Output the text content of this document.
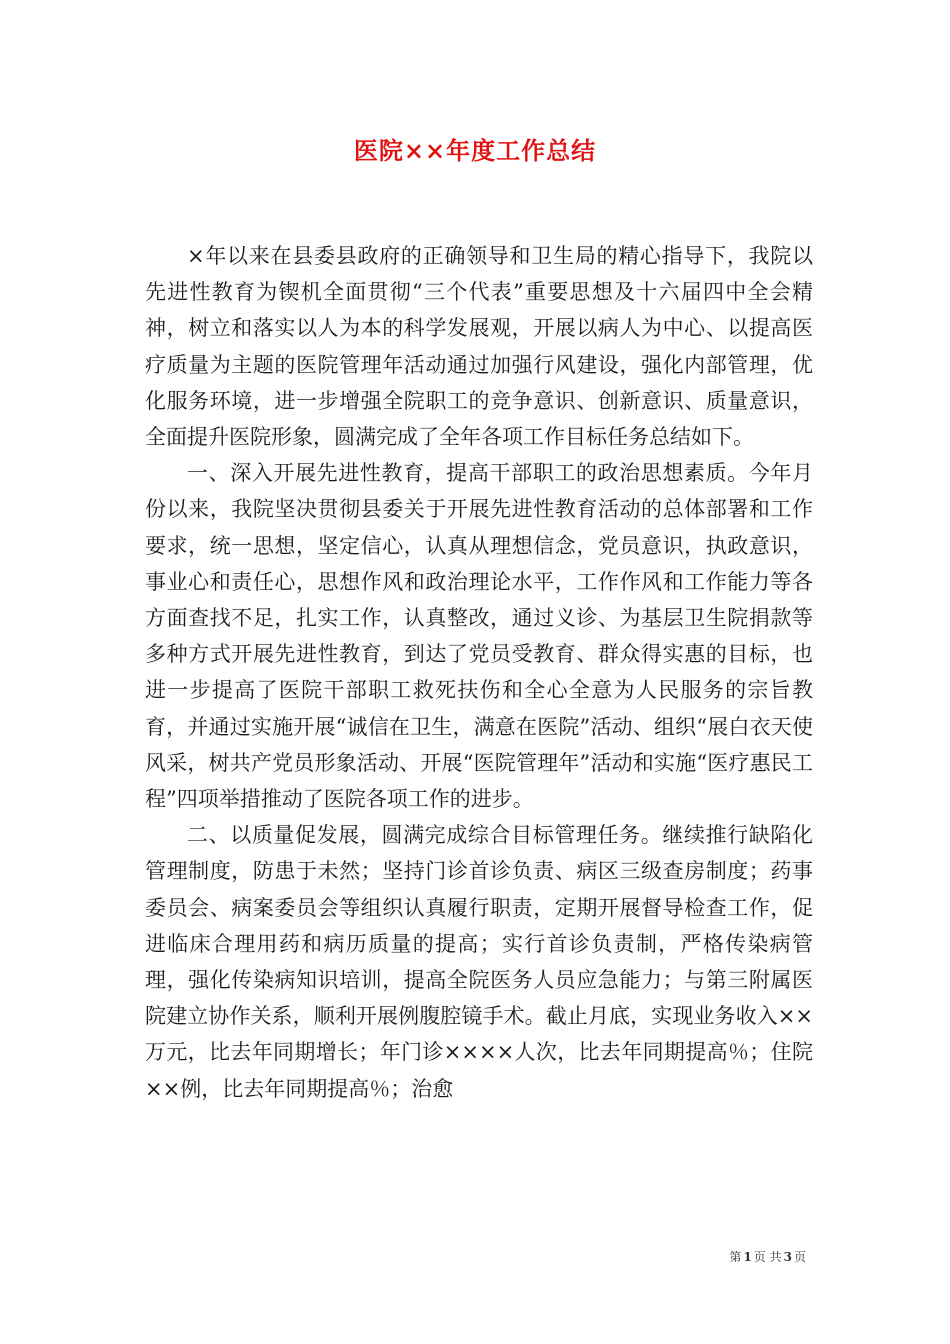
医院××年度工作总结

×年以来在县委县政府的正确领导和卫生局的精心指导下，我院以先进性教育为锲机全面贯彻“三个代表”重要思想及十六届四中全会精神，树立和落实以人为本的科学发展观，开展以病人为中心、以提高医疗质量为主题的医院管理年活动通过加强行风建设，强化内部管理，优化服务环境，进一步增强全院职工的竞争意识、创新意识、质量意识，全面提升医院形象，圆满完成了全年各项工作目标任务总结如下。

一、深入开展先进性教育，提高干部职工的政治思想素质。今年月份以来，我院坚决贯彻县委关于开展先进性教育活动的总体部署和工作要求，统一思想，坚定信心，认真从理想信念，党员意识，执政意识，事业心和责任心，思想作风和政治理论水平，工作作风和工作能力等各方面查找不足，扎实工作，认真整改，通过义诊、为基层卫生院捐款等多种方式开展先进性教育，到达了党员受教育、群众得实惠的目标，也进一步提高了医院干部职工救死扶伤和全心全意为人民服务的宗旨教育，并通过实施开展“诚信在卫生，满意在医院”活动、组织“展白衣天使风采，树共产党员形象活动、开展“医院管理年”活动和实施“医疗惠民工程”四项举措推动了医院各项工作的进步。

二、以质量促发展，圆满完成综合目标管理任务。继续推行缺陷化管理制度，防患于未然；坚持门诊首诊负责、病区三级查房制度；药事委员会、病案委员会等组织认真履行职责，定期开展督导检查工作，促进临床合理用药和病历质量的提高；实行首诊负责制，严格传染病管理，强化传染病知识培训，提高全院医务人员应急能力；与第三附属医院建立协作关系，顺利开展例腹腔镜手术。截止月底，实现业务收入××万元，比去年同期增长；年门诊××××人次，比去年同期提高％；住院××例，比去年同期提高％；治愈

第 1 页 共 3 页
